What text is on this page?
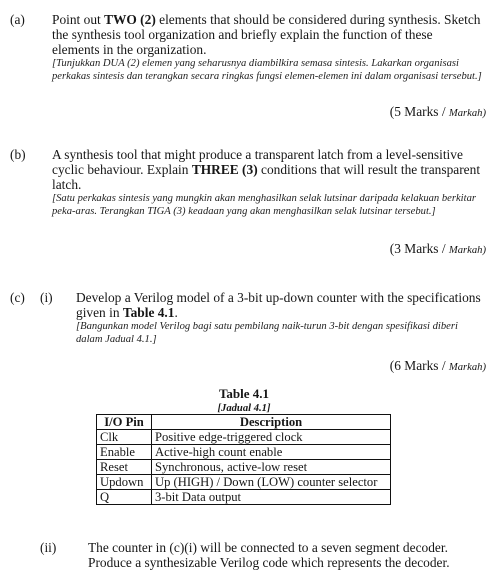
(a) Point out TWO (2) elements that should be considered during synthesis. Sketch the synthesis tool organization and briefly explain the function of these elements in the organization.
[Tunjukkan DUA (2) elemen yang seharusnya diambilkira semasa sintesis. Lakarkan organisasi perkakas sintesis dan terangkan secara ringkas fungsi elemen-elemen ini dalam organisasi tersebut.]
(5 Marks / Markah)
(b) A synthesis tool that might produce a transparent latch from a level-sensitive cyclic behaviour. Explain THREE (3) conditions that will result the transparent latch.
[Satu perkakas sintesis yang mungkin akan menghasilkan selak lutsinar daripada kelakuan berkitar peka-aras. Terangkan TIGA (3) keadaan yang akan menghasilkan selak lutsinar tersebut.]
(3 Marks / Markah)
(c) (i) Develop a Verilog model of a 3-bit up-down counter with the specifications given in Table 4.1.
[Bangunkan model Verilog bagi satu pembilang naik-turun 3-bit dengan spesifikasi diberi dalam Jadual 4.1.]
(6 Marks / Markah)
Table 4.1
[Jadual 4.1]
I/O Pin	Description
Clk	Positive edge-triggered clock
Enable	Active-high count enable
Reset	Synchronous, active-low reset
Updown	Up (HIGH) / Down (LOW) counter selector
Q	3-bit Data output
(ii) The counter in (c)(i) will be connected to a seven segment decoder. Produce a synthesizable Verilog code which represents the decoder.
